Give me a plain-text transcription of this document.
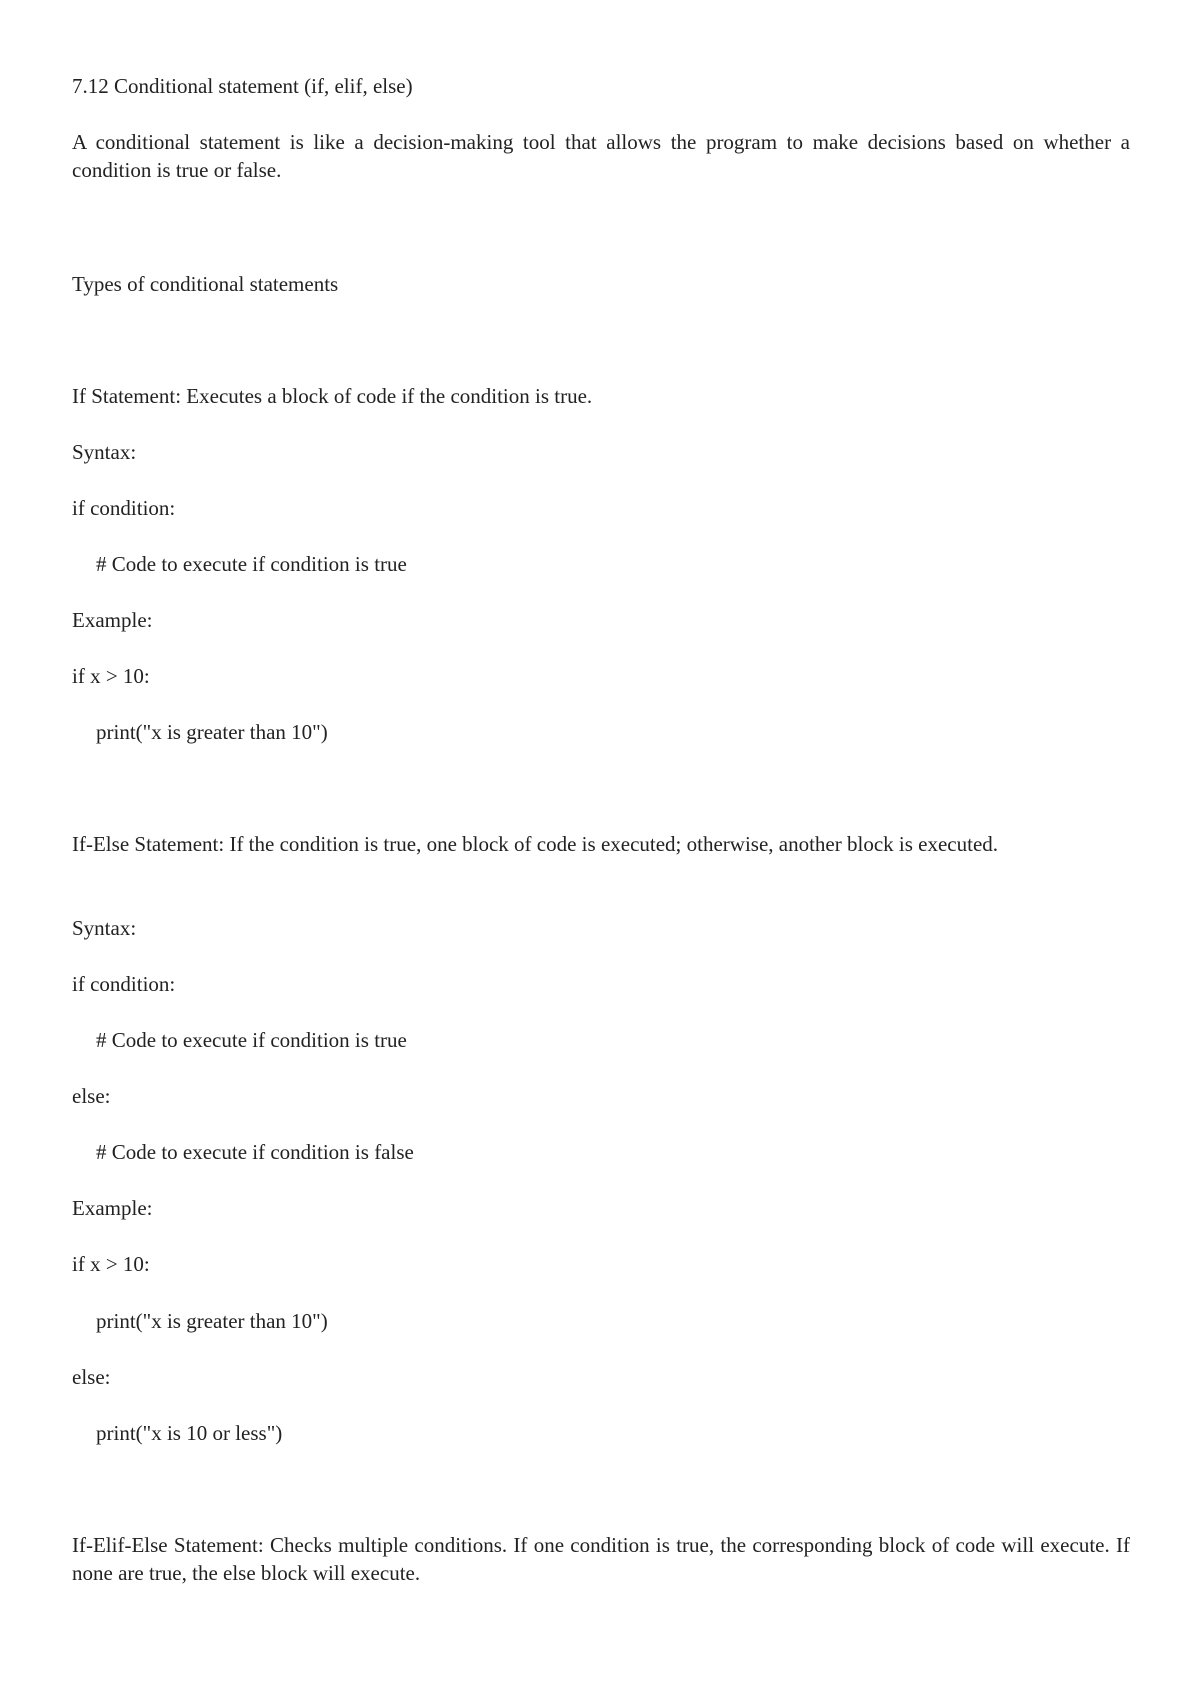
7.12 Conditional statement (if, elif, else)
A conditional statement is like a decision-making tool that allows the program to make decisions based on whether a condition is true or false.
Types of conditional statements
If Statement: Executes a block of code if the condition is true.
Syntax:
if condition:
# Code to execute if condition is true
Example:
if x > 10:
print("x is greater than 10")
If-Else Statement: If the condition is true, one block of code is executed; otherwise, another block is executed.
Syntax:
if condition:
# Code to execute if condition is true
else:
# Code to execute if condition is false
Example:
if x > 10:
print("x is greater than 10")
else:
print("x is 10 or less")
If-Elif-Else Statement: Checks multiple conditions. If one condition is true, the corresponding block of code will execute. If none are true, the else block will execute.
